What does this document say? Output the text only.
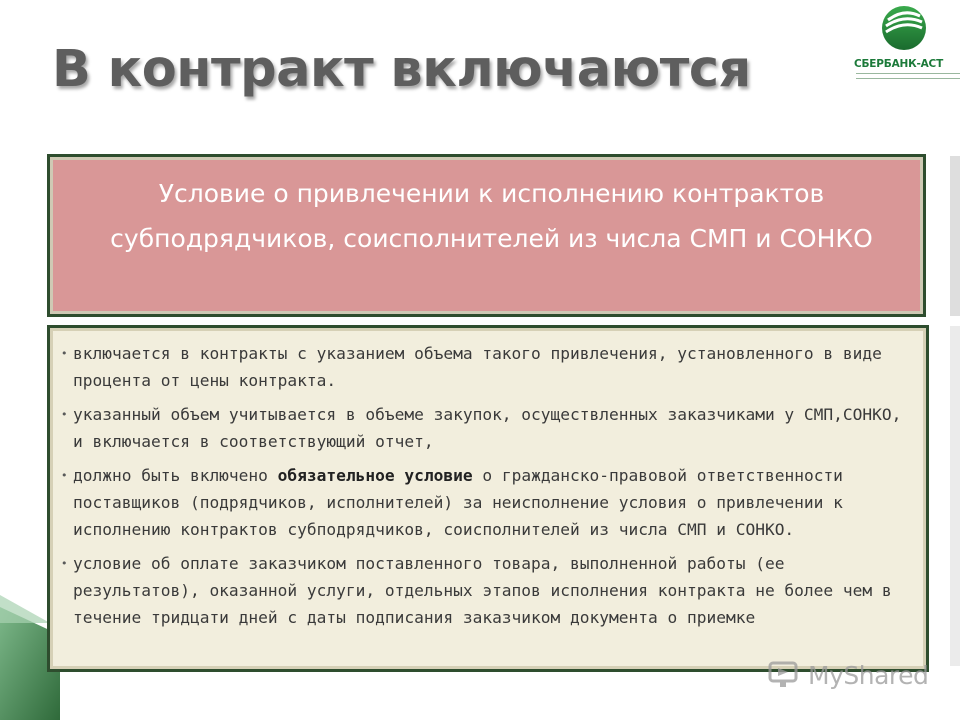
В контракт включаются	СБЕРБАНК-АСТ
Условие о привлечении к исполнению контрактов субподрядчиков, соисполнителей из числа СМП и СОНКО
• включается в контракты с указанием объема такого привлечения, установленного в виде процента от цены контракта.
• указанный объем учитывается в объеме закупок, осуществленных заказчиками у СМП,СОНКО, и включается в соответствующий отчет,
• должно быть включено обязательное условие о гражданско-правовой ответственности поставщиков (подрядчиков, исполнителей) за неисполнение условия о привлечении к исполнению контрактов субподрядчиков, соисполнителей из числа СМП и СОНКО.
• условие об оплате заказчиком поставленного товара, выполненной работы (ее результатов), оказанной услуги, отдельных этапов исполнения контракта не более чем в течение тридцати дней с даты подписания заказчиком документа о приемке
MyShared
